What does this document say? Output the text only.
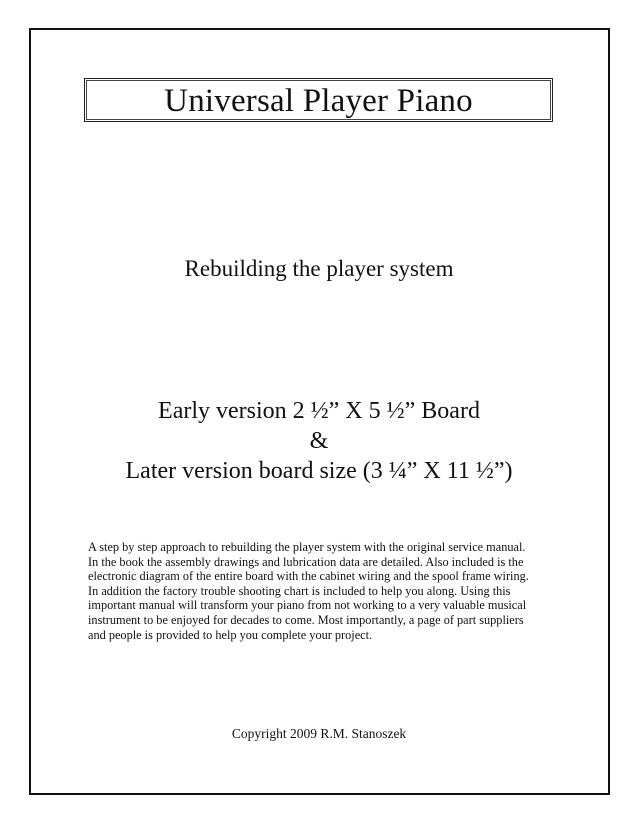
Universal Player Piano
Rebuilding the player system
Early version 2 ½” X 5 ½” Board
&
Later version board size (3 ¼” X 11 ½”)
A step by step approach to rebuilding the player system with the original service manual.
In the book the assembly drawings and lubrication data are detailed. Also included is the
electronic diagram of the entire board with the cabinet wiring and the spool frame wiring.
In addition the factory trouble shooting chart is included to help you along. Using this
important manual will transform your piano from not working to a very valuable musical
instrument to be enjoyed for decades to come. Most importantly, a page of part suppliers
and people is provided to help you complete your project.
Copyright 2009 R.M. Stanoszek
